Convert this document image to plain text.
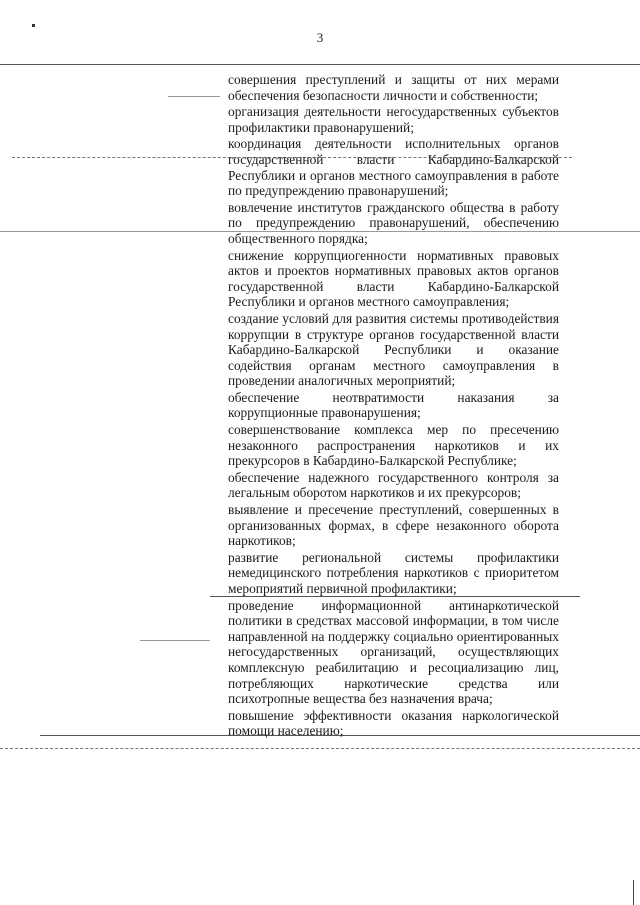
3

совершения преступлений и защиты от них мерами обеспечения безопасности личности и собственности;

организация деятельности негосударственных субъектов профилактики правонарушений;

координация деятельности исполнительных органов государственной власти Кабардино-Балкарской Республики и органов местного самоуправления в работе по предупреждению правонарушений;

вовлечение институтов гражданского общества в работу по предупреждению правонарушений, обеспечению общественного порядка;

снижение коррупциогенности нормативных правовых актов и проектов нормативных правовых актов органов государственной власти Кабардино-Балкарской Республики и органов местного самоуправления;

создание условий для развития системы противодействия коррупции в структуре органов государственной власти Кабардино-Балкарской Республики и оказание содействия органам местного самоуправления в проведении аналогичных мероприятий;

обеспечение неотвратимости наказания за коррупционные правонарушения;

совершенствование комплекса мер по пресечению незаконного распространения наркотиков и их прекурсоров в Кабардино-Балкарской Республике;

обеспечение надежного государственного контроля за легальным оборотом наркотиков и их прекурсоров;

выявление и пресечение преступлений, совершенных в организованных формах, в сфере незаконного оборота наркотиков;

развитие региональной системы профилактики немедицинского потребления наркотиков с приоритетом мероприятий первичной профилактики;

проведение информационной антинаркотической политики в средствах массовой информации, в том числе направленной на поддержку социально ориентированных негосударственных организаций, осуществляющих комплексную реабилитацию и ресоциализацию лиц, потребляющих наркотические средства или психотропные вещества без назначения врача;

повышение эффективности оказания наркологической помощи населению;
